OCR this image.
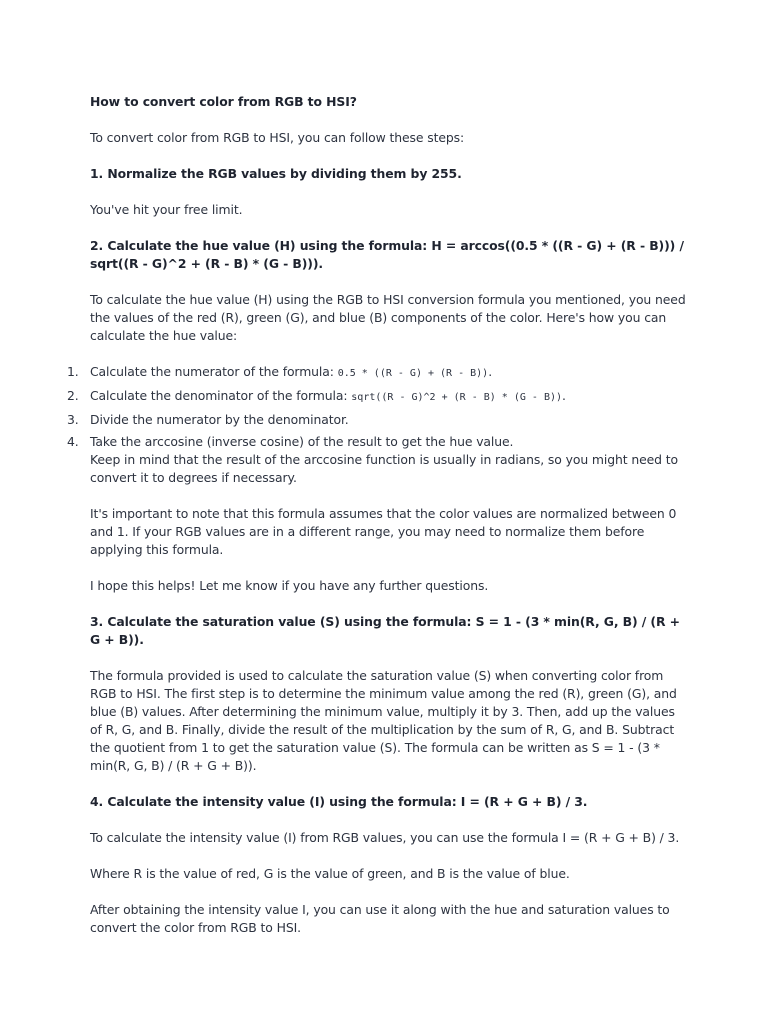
How to convert color from RGB to HSI?

To convert color from RGB to HSI, you can follow these steps:

1. Normalize the RGB values by dividing them by 255.

You've hit your free limit.

2. Calculate the hue value (H) using the formula: H = arccos((0.5 * ((R - G) + (R - B))) / sqrt((R - G)^2 + (R - B) * (G - B))).

To calculate the hue value (H) using the RGB to HSI conversion formula you mentioned, you need the values of the red (R), green (G), and blue (B) components of the color. Here's how you can calculate the hue value:

1. Calculate the numerator of the formula: 0.5 * ((R - G) + (R - B)).
2. Calculate the denominator of the formula: sqrt((R - G)^2 + (R - B) * (G - B)).
3. Divide the numerator by the denominator.
4. Take the arccosine (inverse cosine) of the result to get the hue value.
Keep in mind that the result of the arccosine function is usually in radians, so you might need to convert it to degrees if necessary.

It's important to note that this formula assumes that the color values are normalized between 0 and 1. If your RGB values are in a different range, you may need to normalize them before applying this formula.

I hope this helps! Let me know if you have any further questions.

3. Calculate the saturation value (S) using the formula: S = 1 - (3 * min(R, G, B) / (R + G + B)).

The formula provided is used to calculate the saturation value (S) when converting color from RGB to HSI. The first step is to determine the minimum value among the red (R), green (G), and blue (B) values. After determining the minimum value, multiply it by 3. Then, add up the values of R, G, and B. Finally, divide the result of the multiplication by the sum of R, G, and B. Subtract the quotient from 1 to get the saturation value (S). The formula can be written as S = 1 - (3 * min(R, G, B) / (R + G + B)).

4. Calculate the intensity value (I) using the formula: I = (R + G + B) / 3.

To calculate the intensity value (I) from RGB values, you can use the formula I = (R + G + B) / 3.

Where R is the value of red, G is the value of green, and B is the value of blue.

After obtaining the intensity value I, you can use it along with the hue and saturation values to convert the color from RGB to HSI.
